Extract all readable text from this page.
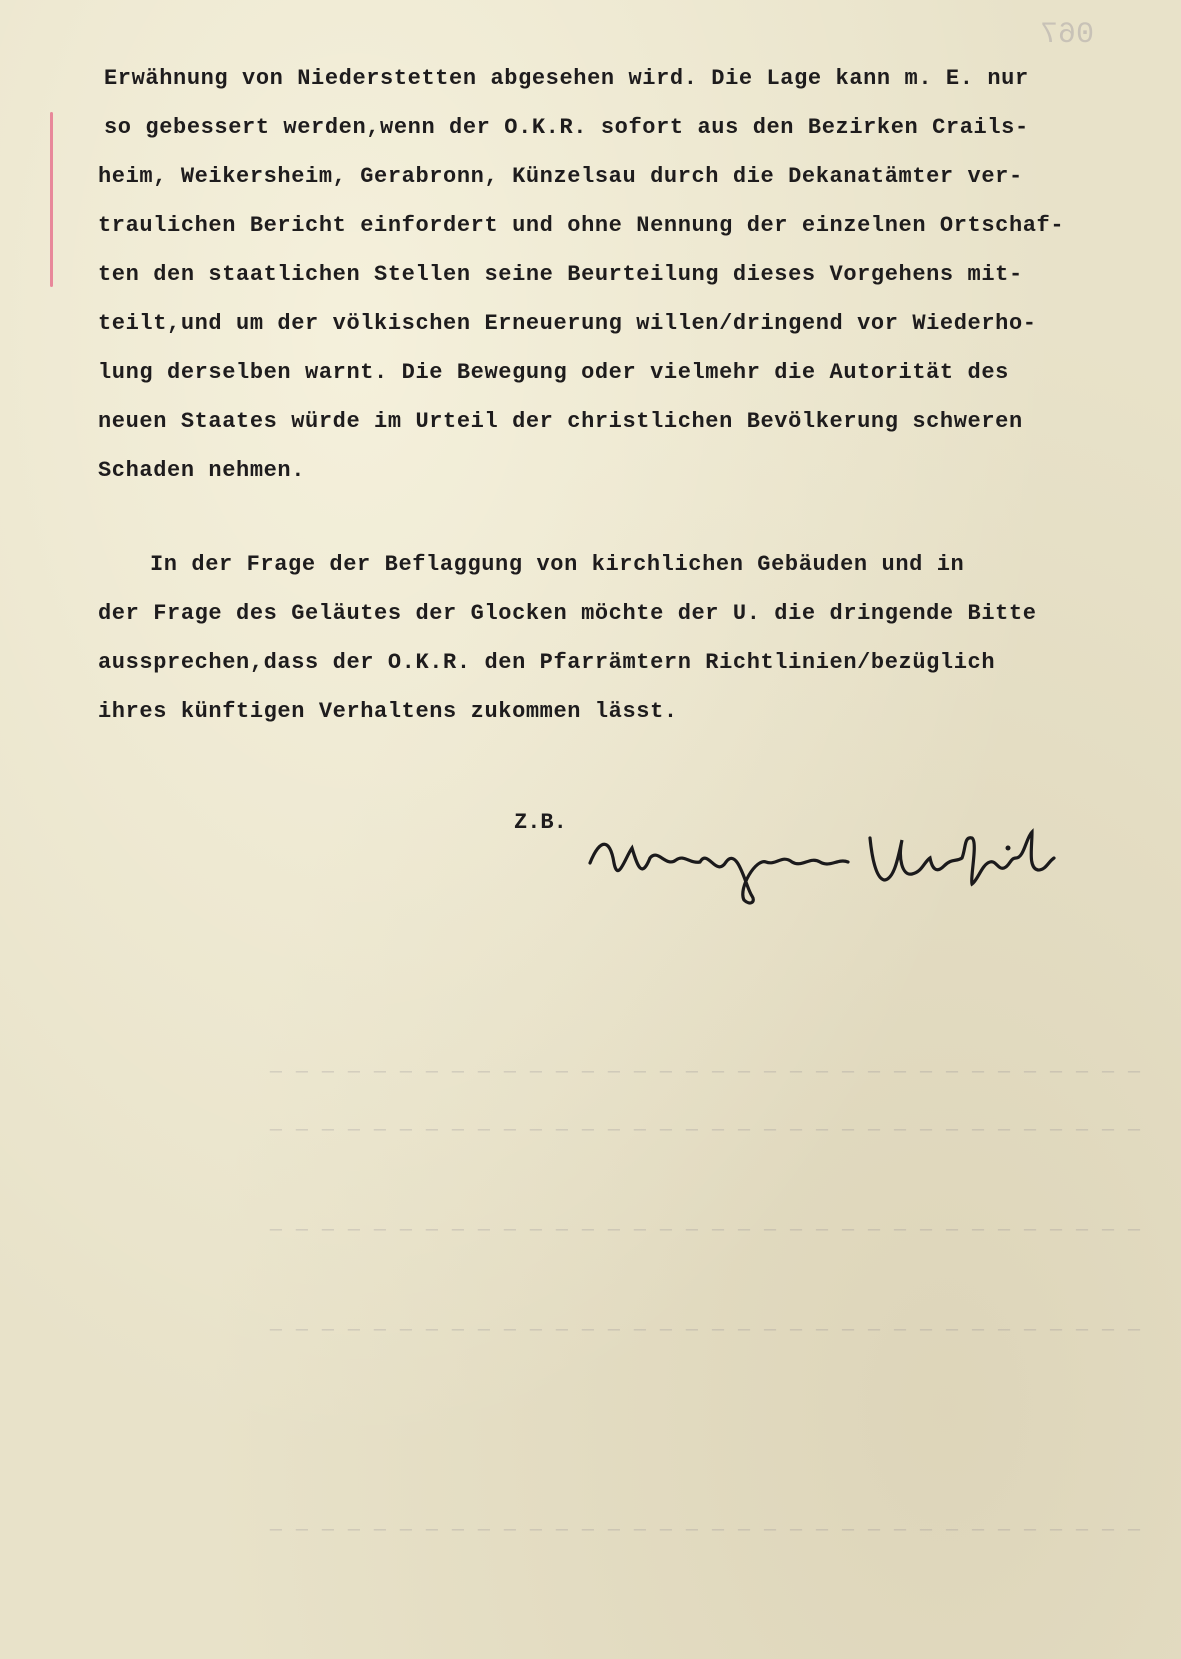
─ ─ ─ ─ ─ ─ ─ ─ ─ ─ ─ ─ ─ ─ ─ ─ ─ ─ ─ ─ ─ ─ ─ ─ ─ ─ ─ ─ ─ ─ ─ ─ ─ ─
─ ─ ─ ─ ─ ─ ─ ─ ─ ─ ─ ─ ─ ─ ─ ─ ─ ─ ─ ─ ─ ─ ─ ─ ─ ─ ─ ─ ─ ─ ─ ─ ─ ─
─ ─ ─ ─ ─ ─ ─ ─ ─ ─ ─ ─ ─ ─ ─ ─ ─ ─ ─ ─ ─ ─ ─ ─ ─ ─ ─ ─ ─ ─ ─ ─ ─ ─
─ ─ ─ ─ ─ ─ ─ ─ ─ ─ ─ ─ ─ ─ ─ ─ ─ ─ ─ ─ ─ ─ ─ ─ ─ ─ ─ ─ ─ ─ ─ ─ ─ ─
─ ─ ─ ─ ─ ─ ─ ─ ─ ─ ─ ─ ─ ─ ─ ─ ─ ─ ─ ─ ─ ─ ─ ─ ─ ─ ─ ─ ─ ─ ─ ─ ─ ─
067
Erwähnung von Niederstetten abgesehen wird. Die Lage kann m. E. nur
so gebessert werden,wenn der O.K.R. sofort aus den Bezirken Crails-
heim, Weikersheim, Gerabronn, Künzelsau durch die Dekanatämter ver-
traulichen Bericht einfordert und ohne Nennung der einzelnen Ortschaf-
ten den staatlichen Stellen seine Beurteilung dieses Vorgehens mit-
teilt,und um der völkischen Erneuerung willen/dringend vor Wiederho-
lung derselben warnt. Die Bewegung oder vielmehr die Autorität des
neuen Staates würde im Urteil der christlichen Bevölkerung schweren
Schaden nehmen.
In der Frage der Beflaggung von kirchlichen Gebäuden und in
der Frage des Geläutes der Glocken möchte der U. die dringende Bitte
aussprechen,dass der O.K.R. den Pfarrämtern Richtlinien/bezüglich
ihres künftigen Verhaltens zukommen lässt.
Z.B.
